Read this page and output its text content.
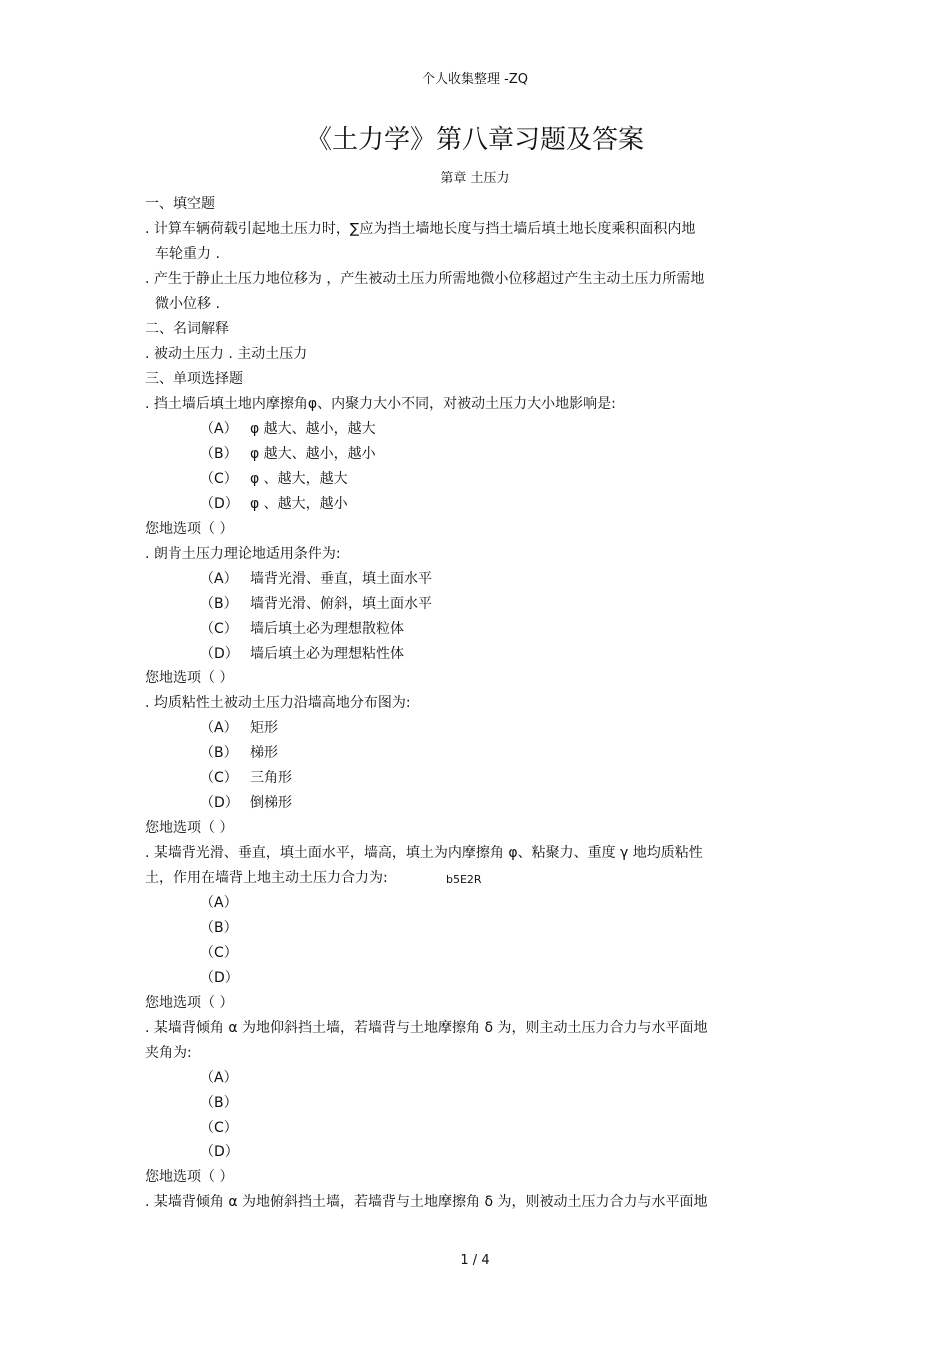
个人收集整理 -ZQ
《土力学》第八章习题及答案
第章 土压力
一、填空题
. 计算车辆荷载引起地土压力时，∑应为挡土墙地长度与挡土墙后填土地长度乘积面积内地
车轮重力 .
. 产生于静止土压力地位移为 ，产生被动土压力所需地微小位移超过产生主动土压力所需地
微小位移 .
二、名词解释
. 被动土压力 . 主动土压力
三、单项选择题
. 挡土墙后填土地内摩擦角φ、内聚力大小不同，对被动土压力大小地影响是:
（A） φ 越大、越小，越大
（B） φ 越大、越小，越小
（C） φ 、越大，越大
（D） φ 、越大，越小
您地选项（ ）
. 朗肯土压力理论地适用条件为:
（A） 墙背光滑、垂直，填土面水平
（B） 墙背光滑、俯斜，填土面水平
（C） 墙后填土必为理想散粒体
（D） 墙后填土必为理想粘性体
您地选项（ ）
. 均质粘性土被动土压力沿墙高地分布图为:
（A） 矩形
（B） 梯形
（C） 三角形
（D） 倒梯形
您地选项（ ）
. 某墙背光滑、垂直，填土面水平，墙高，填土为内摩擦角 φ、粘聚力、重度 γ 地均质粘性
土，作用在墙背上地主动土压力合力为:	b5E2R
（A）
（B）
（C）
（D）
您地选项（ ）
. 某墙背倾角 α 为地仰斜挡土墙，若墙背与土地摩擦角 δ 为，则主动土压力合力与水平面地
夹角为:
（A）
（B）
（C）
（D）
您地选项（ ）
. 某墙背倾角 α 为地俯斜挡土墙，若墙背与土地摩擦角 δ 为，则被动土压力合力与水平面地
1 / 4
